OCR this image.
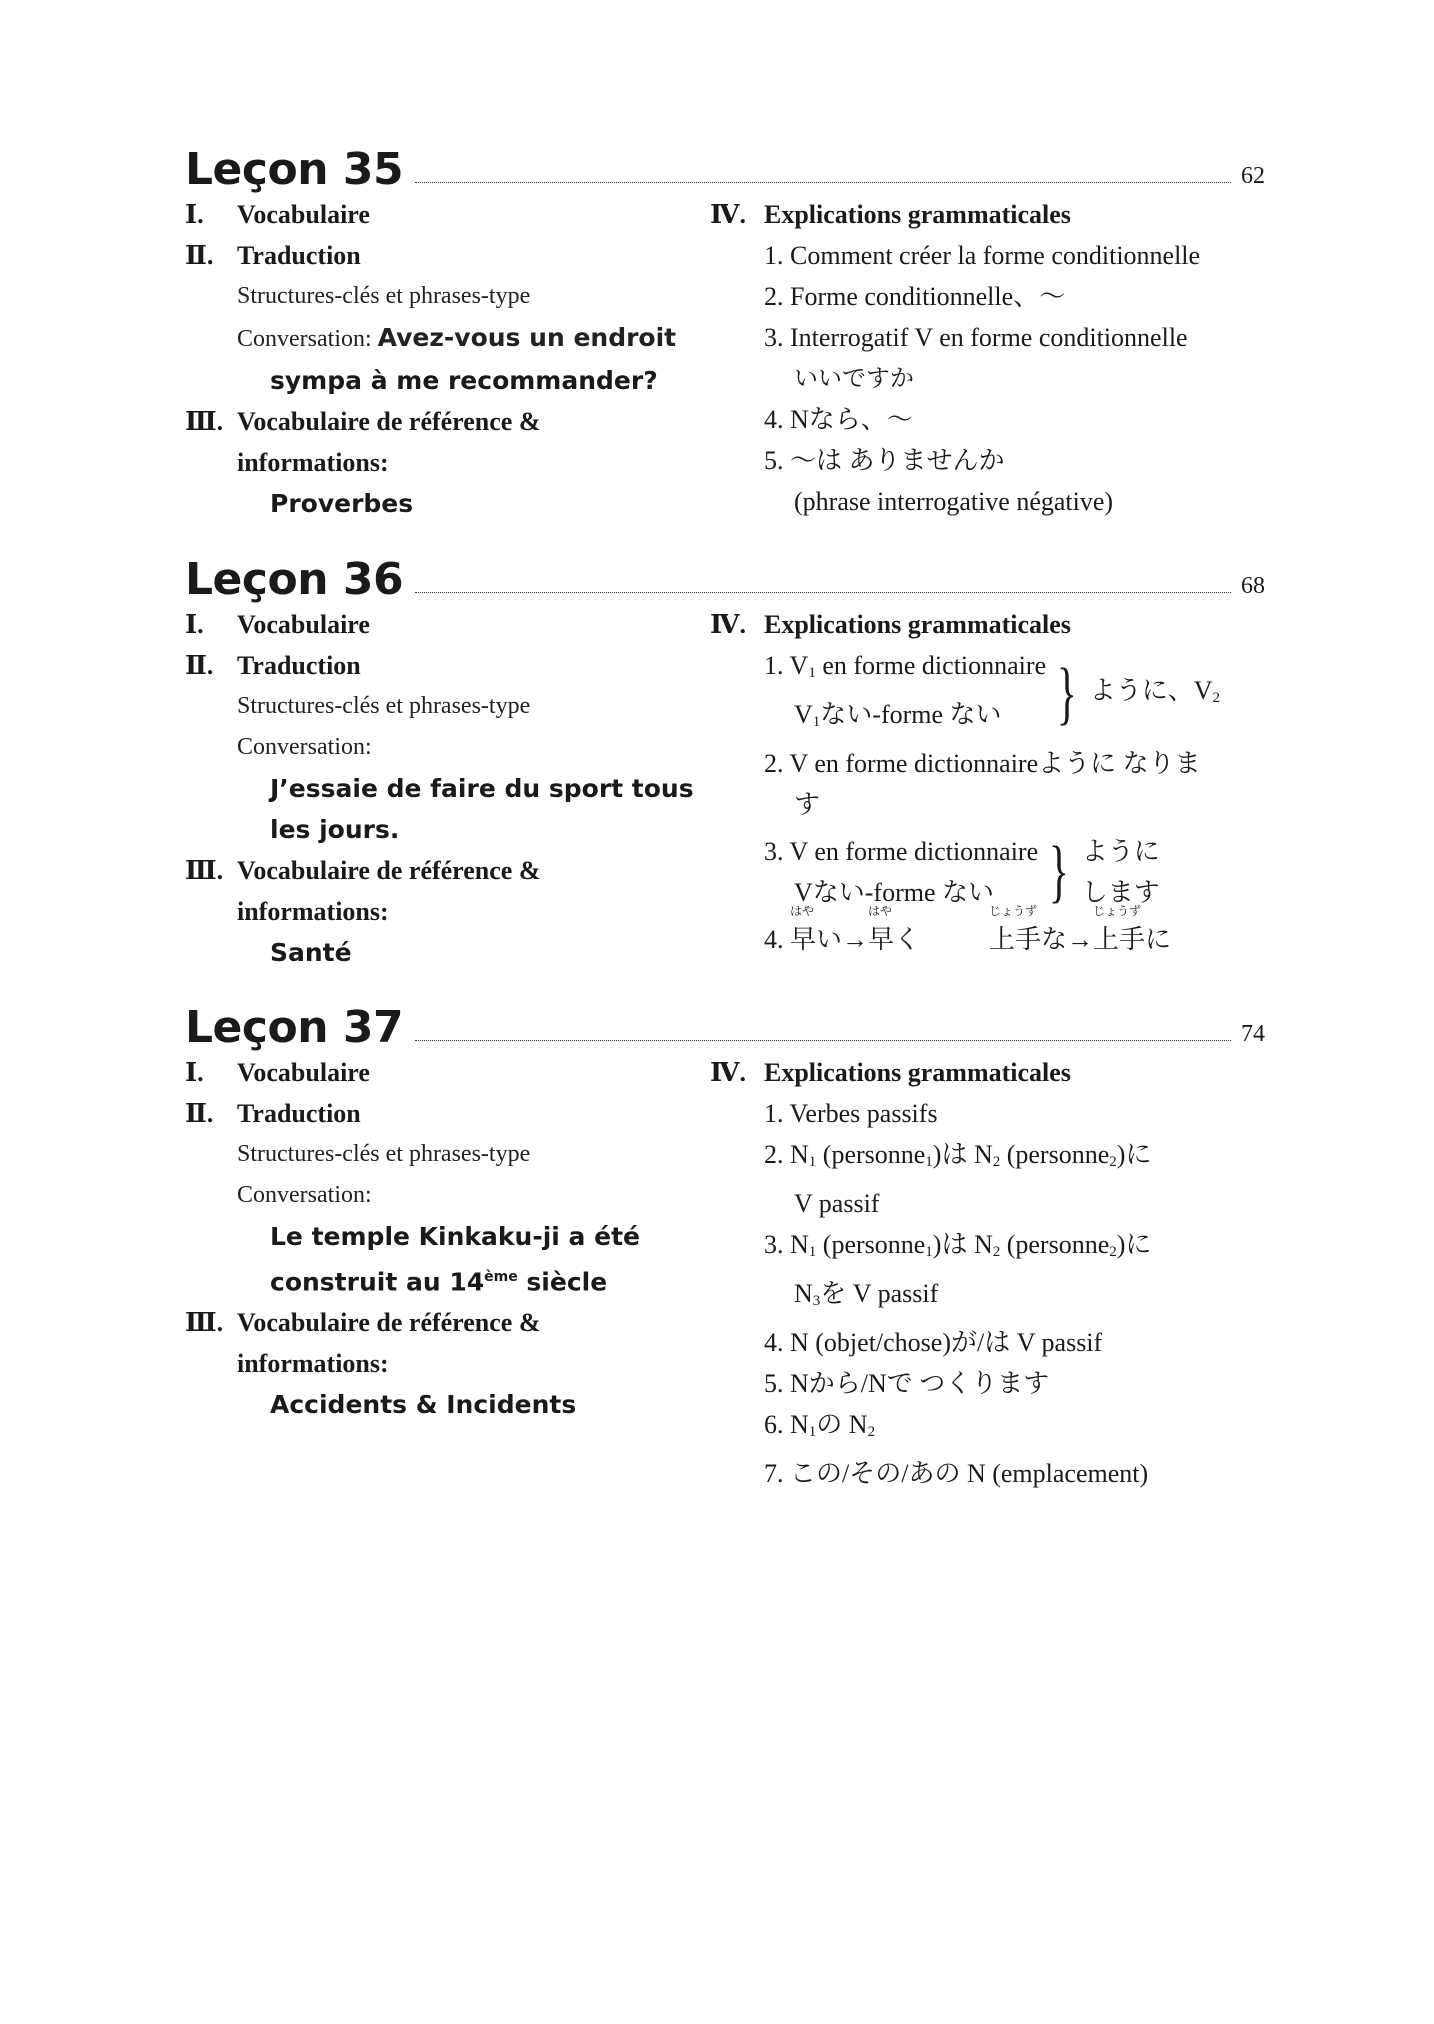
Leçon 35	62
Ⅰ. Vocabulaire
Ⅱ. Traduction
Structures-clés et phrases-type
Conversation: Avez-vous un endroit
sympa à me recommander?
Ⅲ. Vocabulaire de référence &
informations:
Proverbes
Ⅳ. Explications grammaticales
1. Comment créer la forme conditionnelle
2. Forme conditionnelle、～
3. Interrogatif V en forme conditionnelle
いいですか
4. Nなら、～
5. ～は ありませんか
(phrase interrogative négative)
Leçon 36	68
Ⅰ. Vocabulaire
Ⅱ. Traduction
Structures-clés et phrases-type
Conversation:
J’essaie de faire du sport tous
les jours.
Ⅲ. Vocabulaire de référence &
informations:
Santé
Ⅳ. Explications grammaticales
1. $V_1$ en forme dictionnaire
$V_1$ない-forme ない } ように、$V_2$
2. V en forme dictionnaireように なりま
す
3. V en forme dictionnaire
Vない-forme ない } ように
します
4.
はや
早い→
はや
早く
じょうず
上手な→
じょうず
上手に
Leçon 37	74
Ⅰ. Vocabulaire
Ⅱ. Traduction
Structures-clés et phrases-type
Conversation:
Le temple Kinkaku-ji a été
construit au 14ème siècle
Ⅲ. Vocabulaire de référence &
informations:
Accidents & Incidents
Ⅳ. Explications grammaticales
1. Verbes passifs
2. $N_1$ (personne$_1$)は $N_2$ (personne$_2$)に
V passif
3. $N_1$ (personne$_1$)は $N_2$ (personne$_2$)に
$N_3$を V passif
4. N (objet/chose)が/は V passif
5. Nから/Nで つくります
6. $N_1$の $N_2$
7. この/その/あの N (emplacement)
